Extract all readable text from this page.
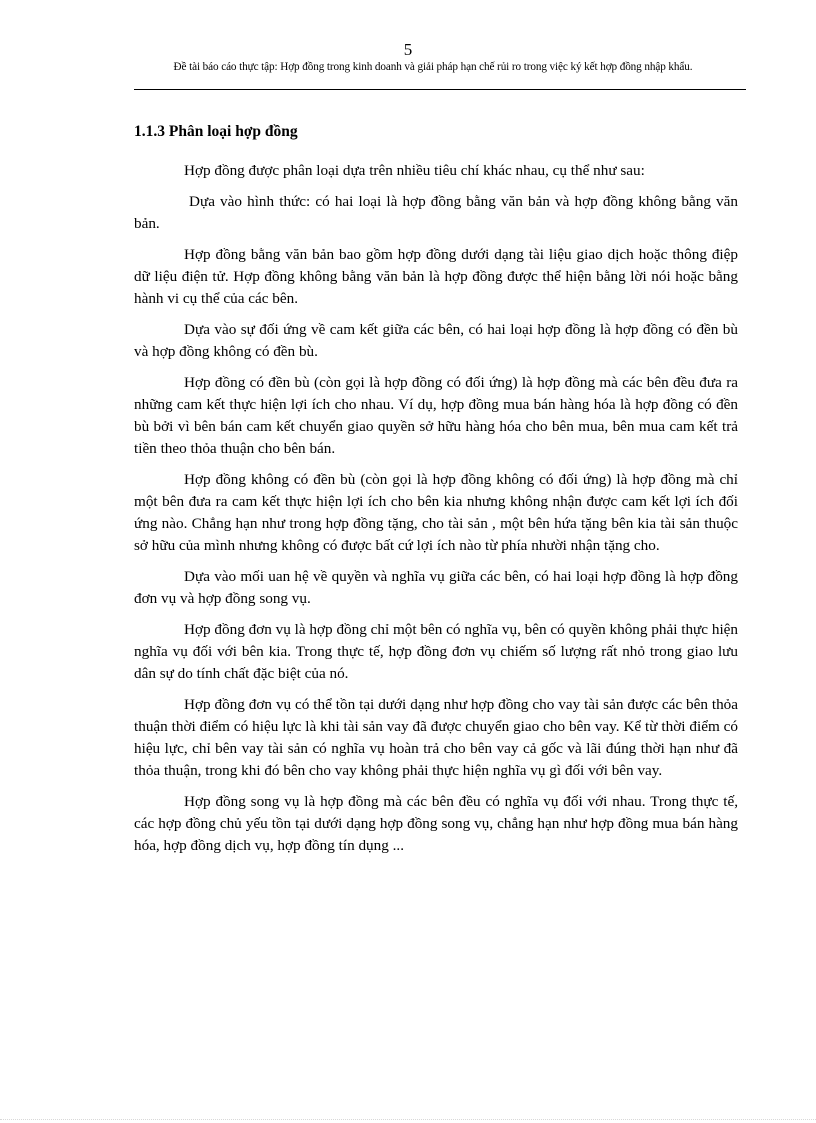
5
Đề tài báo cáo thực tập: Hợp đồng trong kinh doanh và giải pháp hạn chế rủi ro trong việc ký kết hợp đồng nhập khẩu.
1.1.3 Phân loại hợp đồng

Hợp đồng được phân loại dựa trên nhiều tiêu chí khác nhau, cụ thể như sau:

Dựa vào hình thức: có hai loại là hợp đồng bằng văn bản và hợp đồng không bằng văn bản.

Hợp đồng bằng văn bản bao gồm hợp đồng dưới dạng tài liệu giao dịch hoặc thông điệp dữ liệu điện tử. Hợp đồng không bằng văn bản là hợp đồng được thể hiện bằng lời nói hoặc bằng hành vi cụ thể của các bên.

Dựa vào sự đối ứng về cam kết giữa các bên, có hai loại hợp đồng là hợp đồng có đền bù và hợp đồng không có đền bù.

Hợp đồng có đền bù (còn gọi là hợp đồng có đối ứng) là hợp đồng mà các bên đều đưa ra những cam kết thực hiện lợi ích cho nhau. Ví dụ, hợp đồng mua bán hàng hóa là hợp đồng có đền bù bởi vì bên bán cam kết chuyển giao quyền sở hữu hàng hóa cho bên mua, bên mua cam kết trả tiền theo thỏa thuận cho bên bán.

Hợp đồng không có đền bù (còn gọi là hợp đồng không có đối ứng) là hợp đồng mà chỉ một bên đưa ra cam kết thực hiện lợi ích cho bên kia nhưng không nhận được cam kết lợi ích đối ứng nào. Chẳng hạn như trong hợp đồng tặng, cho tài sản , một bên hứa tặng bên kia tài sản thuộc sở hữu của mình nhưng không có được bất cứ lợi ích nào từ phía nhười nhận tặng cho.

Dựa vào mối uan hệ về quyền và nghĩa vụ giữa các bên, có hai loại hợp đồng là hợp đồng đơn vụ và hợp đồng song vụ.

Hợp đồng đơn vụ là hợp đồng chỉ một bên có nghĩa vụ, bên có quyền không phải thực hiện nghĩa vụ đối với bên kia. Trong thực tế, hợp đồng đơn vụ chiếm số lượng rất nhỏ trong giao lưu dân sự do tính chất đặc biệt của nó.

Hợp đồng đơn vụ có thể tồn tại dưới dạng như hợp đồng cho vay tài sản được các bên thỏa thuận thời điểm có hiệu lực là khi tài sản vay đã được chuyển giao cho bên vay. Kể từ thời điểm có hiệu lực, chỉ bên vay tài sản có nghĩa vụ hoàn trả cho bên vay cả gốc và lãi đúng thời hạn như đã thỏa thuận, trong khi đó bên cho vay không phải thực hiện nghĩa vụ gì đối với bên vay.

Hợp đồng song vụ là hợp đồng mà các bên đều có nghĩa vụ đối với nhau. Trong thực tế, các hợp đồng chủ yếu tồn tại dưới dạng hợp đồng song vụ, chẳng hạn như hợp đồng mua bán hàng hóa, hợp đồng dịch vụ, hợp đồng tín dụng ...
